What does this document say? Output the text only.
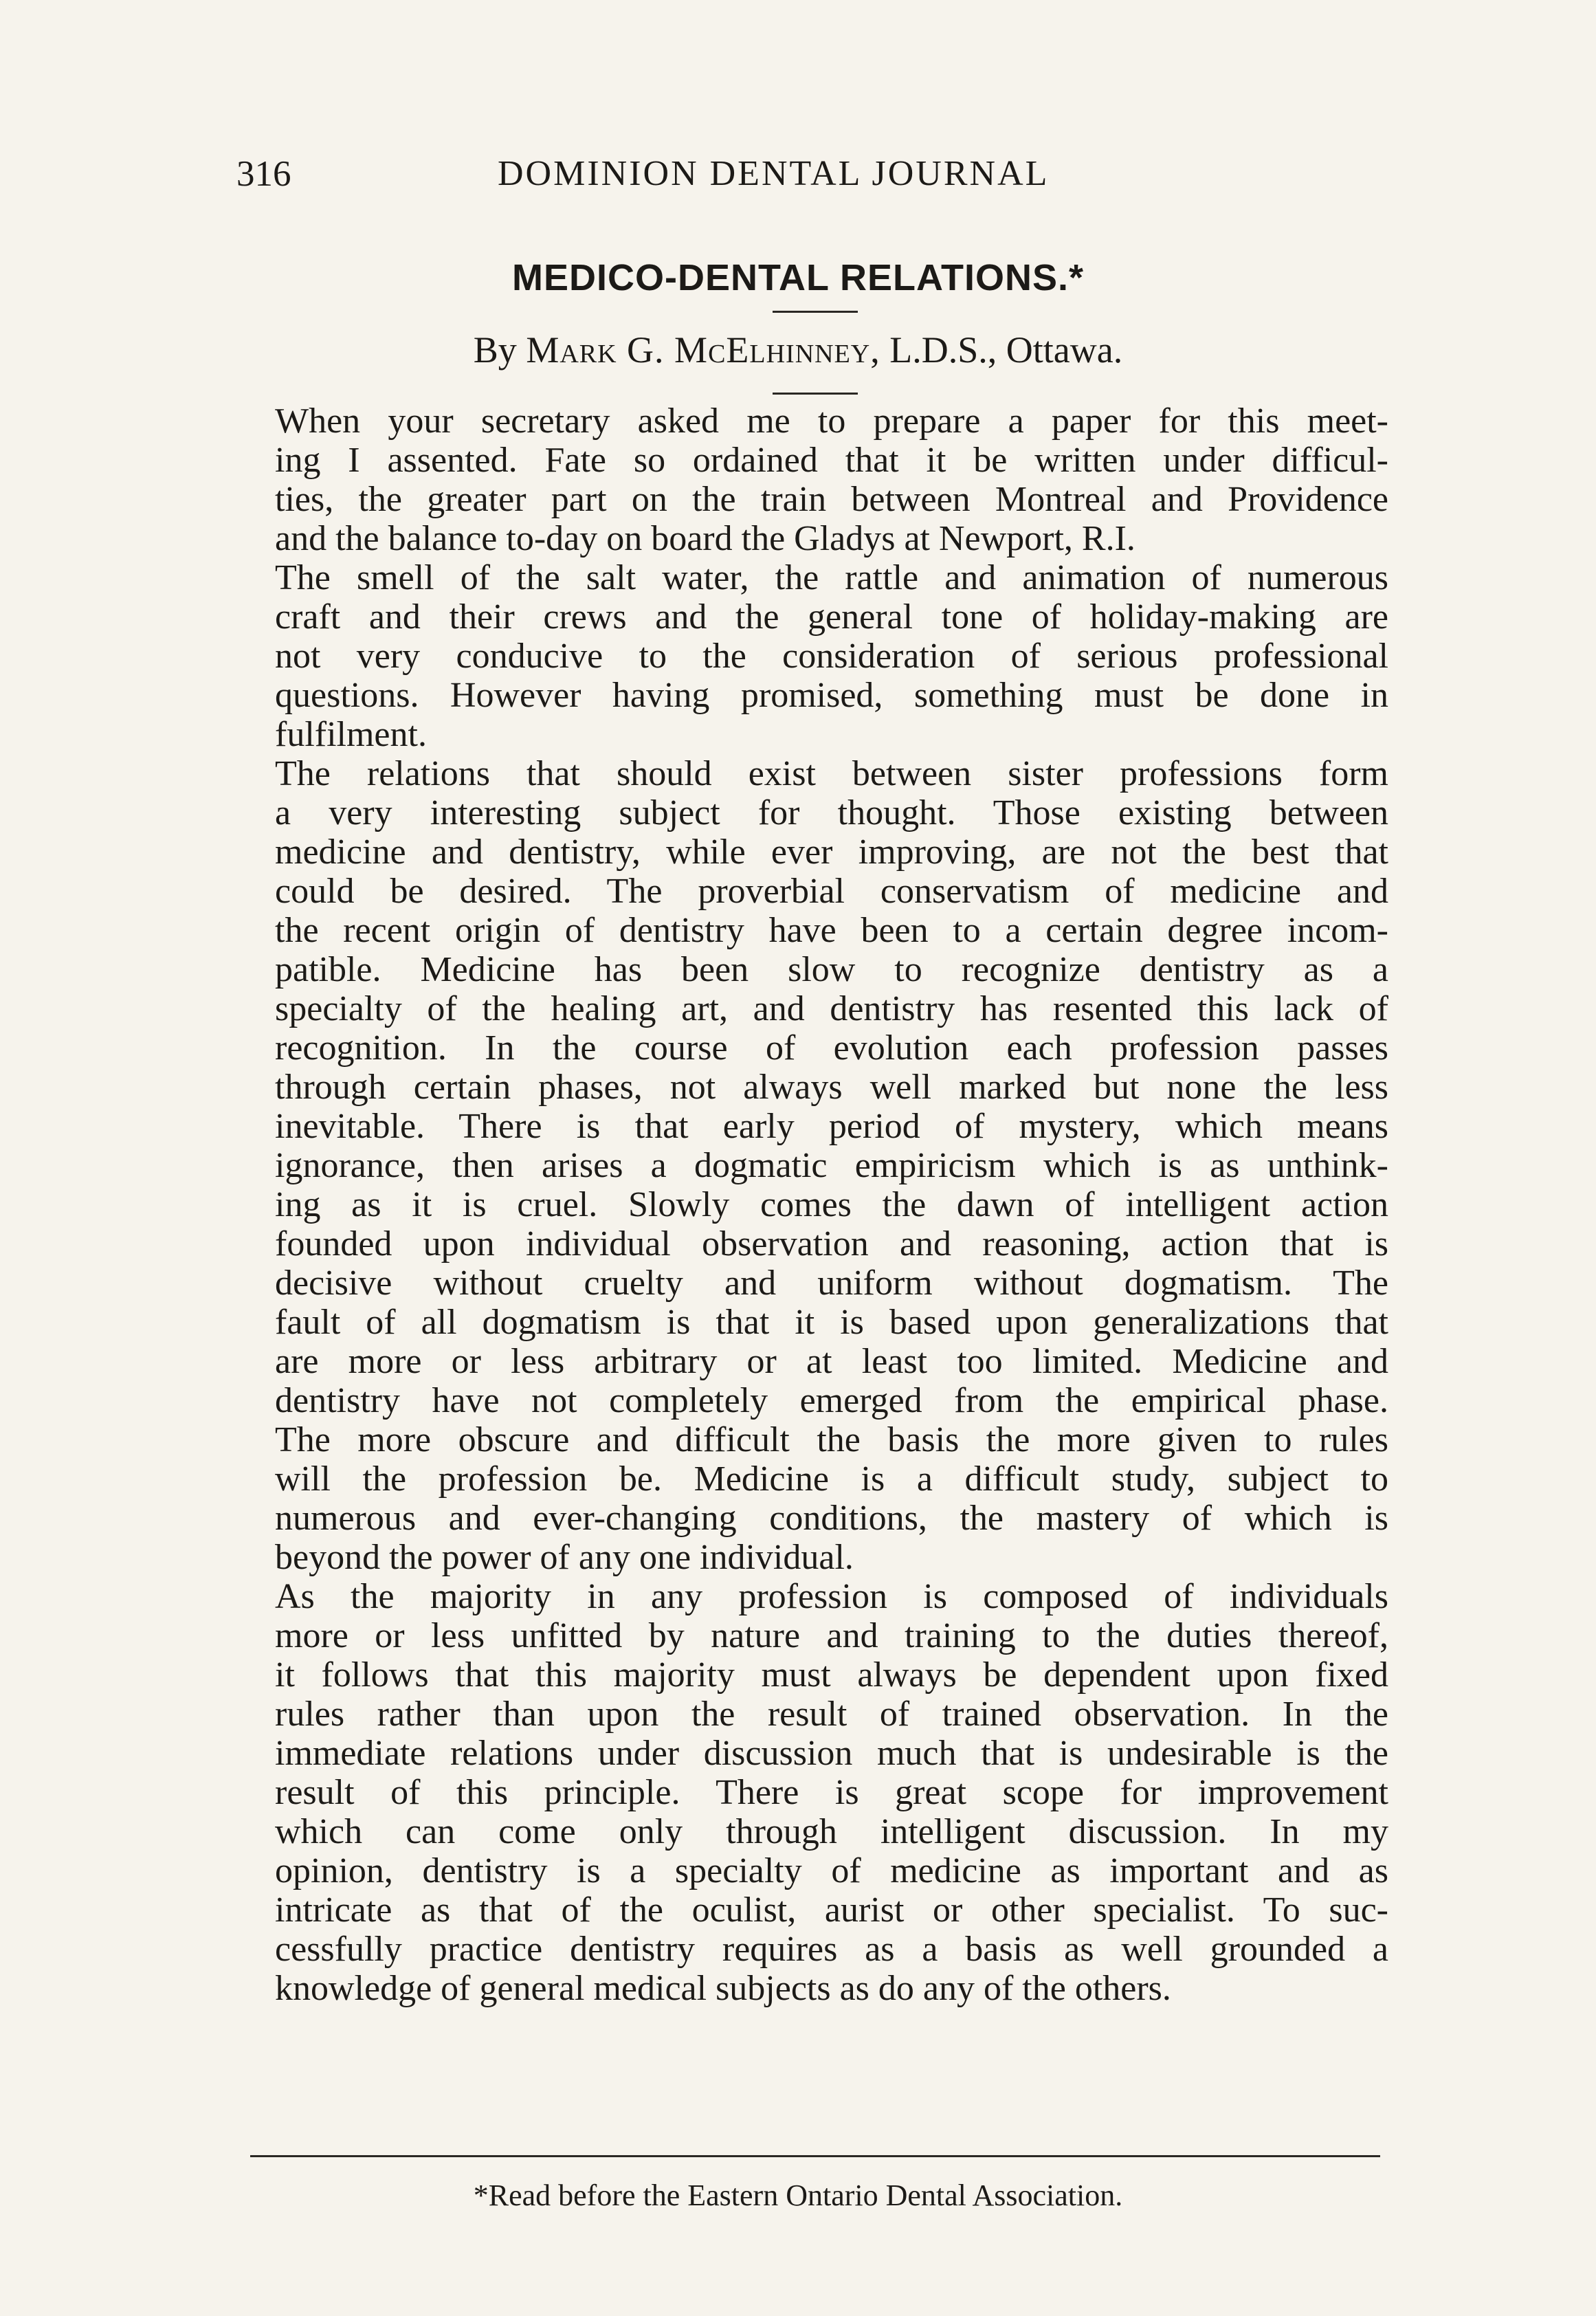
316	DOMINION DENTAL JOURNAL
MEDICO-DENTAL RELATIONS.*
By Mark G. McElhinney, L.D.S., Ottawa.

When your secretary asked me to prepare a paper for this meet-
ing I assented. Fate so ordained that it be written under difficul-
ties, the greater part on the train between Montreal and Providence
and the balance to-day on board the Gladys at Newport, R.I.

The smell of the salt water, the rattle and animation of numerous
craft and their crews and the general tone of holiday-making are
not very conducive to the consideration of serious professional
questions. However having promised, something must be done in
fulfilment.

The relations that should exist between sister professions form
a very interesting subject for thought. Those existing between
medicine and dentistry, while ever improving, are not the best that
could be desired. The proverbial conservatism of medicine and
the recent origin of dentistry have been to a certain degree incom-
patible. Medicine has been slow to recognize dentistry as a
specialty of the healing art, and dentistry has resented this lack of
recognition. In the course of evolution each profession passes
through certain phases, not always well marked but none the less
inevitable. There is that early period of mystery, which means
ignorance, then arises a dogmatic empiricism which is as unthink-
ing as it is cruel. Slowly comes the dawn of intelligent action
founded upon individual observation and reasoning, action that is
decisive without cruelty and uniform without dogmatism. The
fault of all dogmatism is that it is based upon generalizations that
are more or less arbitrary or at least too limited. Medicine and
dentistry have not completely emerged from the empirical phase.
The more obscure and difficult the basis the more given to rules
will the profession be. Medicine is a difficult study, subject to
numerous and ever-changing conditions, the mastery of which is
beyond the power of any one individual.

As the majority in any profession is composed of individuals
more or less unfitted by nature and training to the duties thereof,
it follows that this majority must always be dependent upon fixed
rules rather than upon the result of trained observation. In the
immediate relations under discussion much that is undesirable is the
result of this principle. There is great scope for improvement
which can come only through intelligent discussion. In my
opinion, dentistry is a specialty of medicine as important and as
intricate as that of the oculist, aurist or other specialist. To suc-
cessfully practice dentistry requires as a basis as well grounded a
knowledge of general medical subjects as do any of the others.

*Read before the Eastern Ontario Dental Association.
